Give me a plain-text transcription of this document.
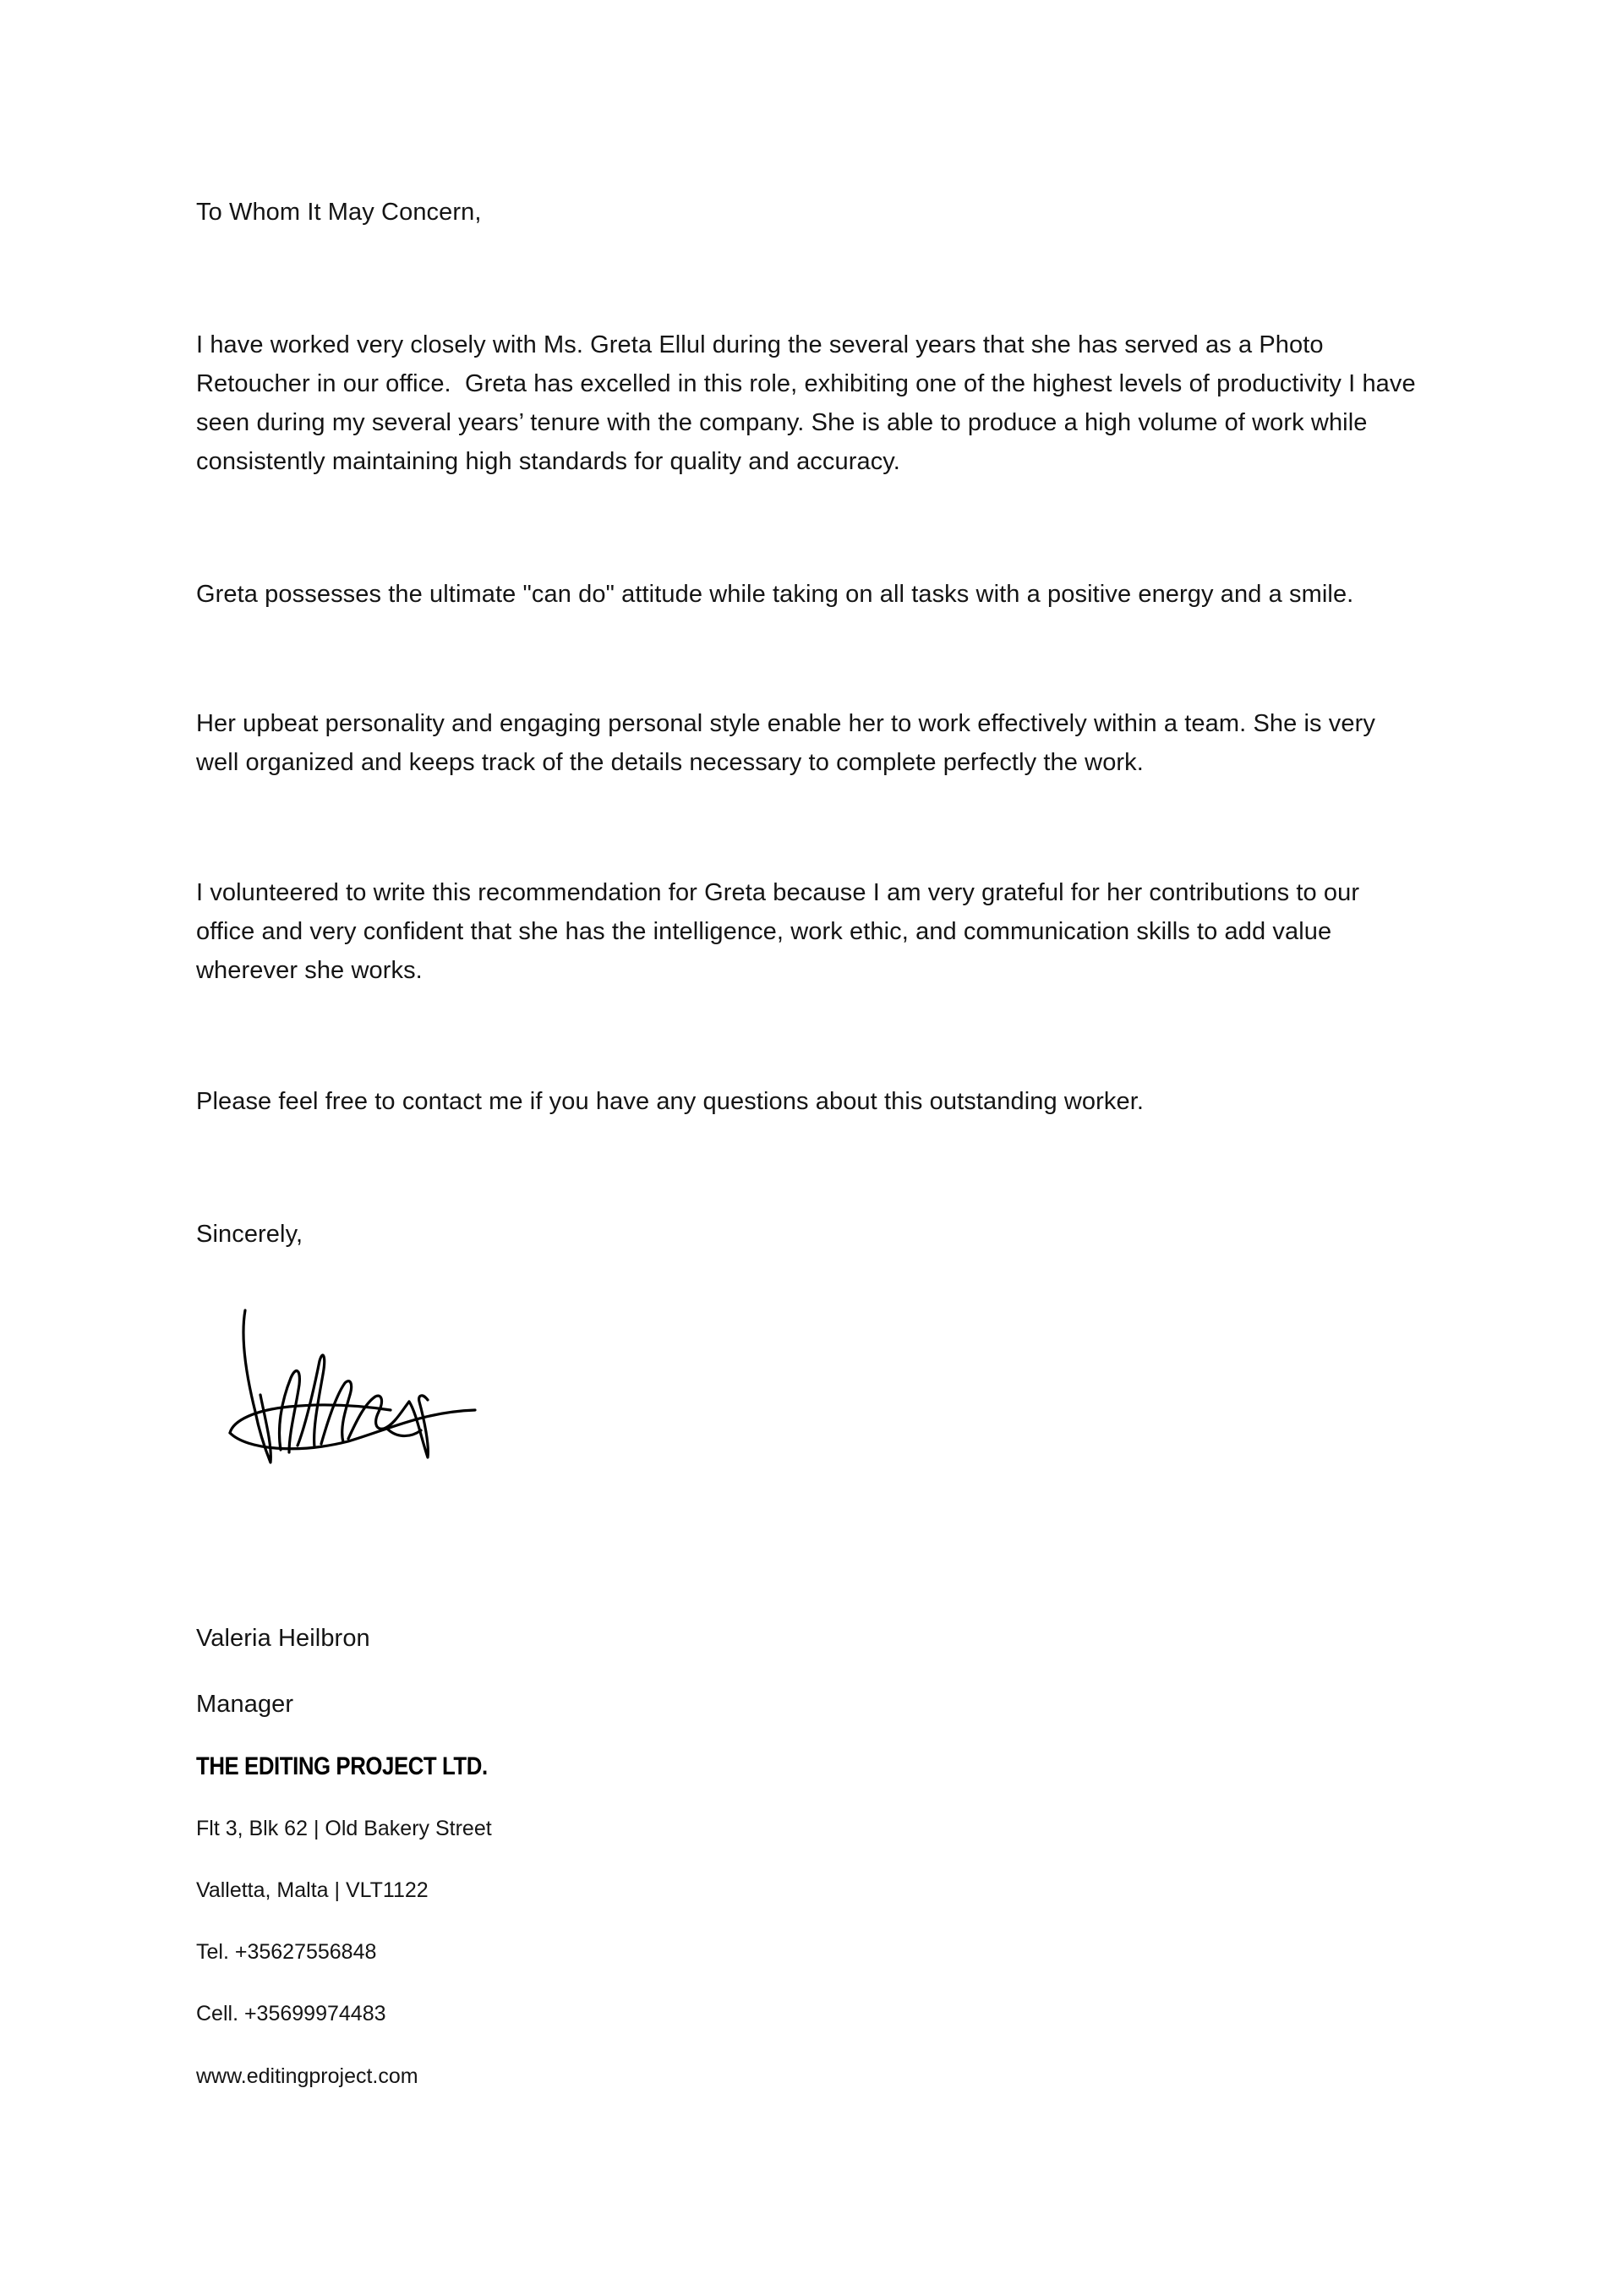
To Whom It May Concern,

I have worked very closely with Ms. Greta Ellul during the several years that she has served as a Photo Retoucher in our office.  Greta has excelled in this role, exhibiting one of the highest levels of productivity I have seen during my several years’ tenure with the company. She is able to produce a high volume of work while consistently maintaining high standards for quality and accuracy.

Greta possesses the ultimate "can do" attitude while taking on all tasks with a positive energy and a smile.

Her upbeat personality and engaging personal style enable her to work effectively within a team. She is very well organized and keeps track of the details necessary to complete perfectly the work.

I volunteered to write this recommendation for Greta because I am very grateful for her contributions to our office and very confident that she has the intelligence, work ethic, and communication skills to add value wherever she works.

Please feel free to contact me if you have any questions about this outstanding worker.

Sincerely,

Valeria Heilbron

Manager

THE EDITING PROJECT LTD.

Flt 3, Blk 62 | Old Bakery Street

Valletta, Malta | VLT1122

Tel. +35627556848

Cell. +35699974483

www.editingproject.com
